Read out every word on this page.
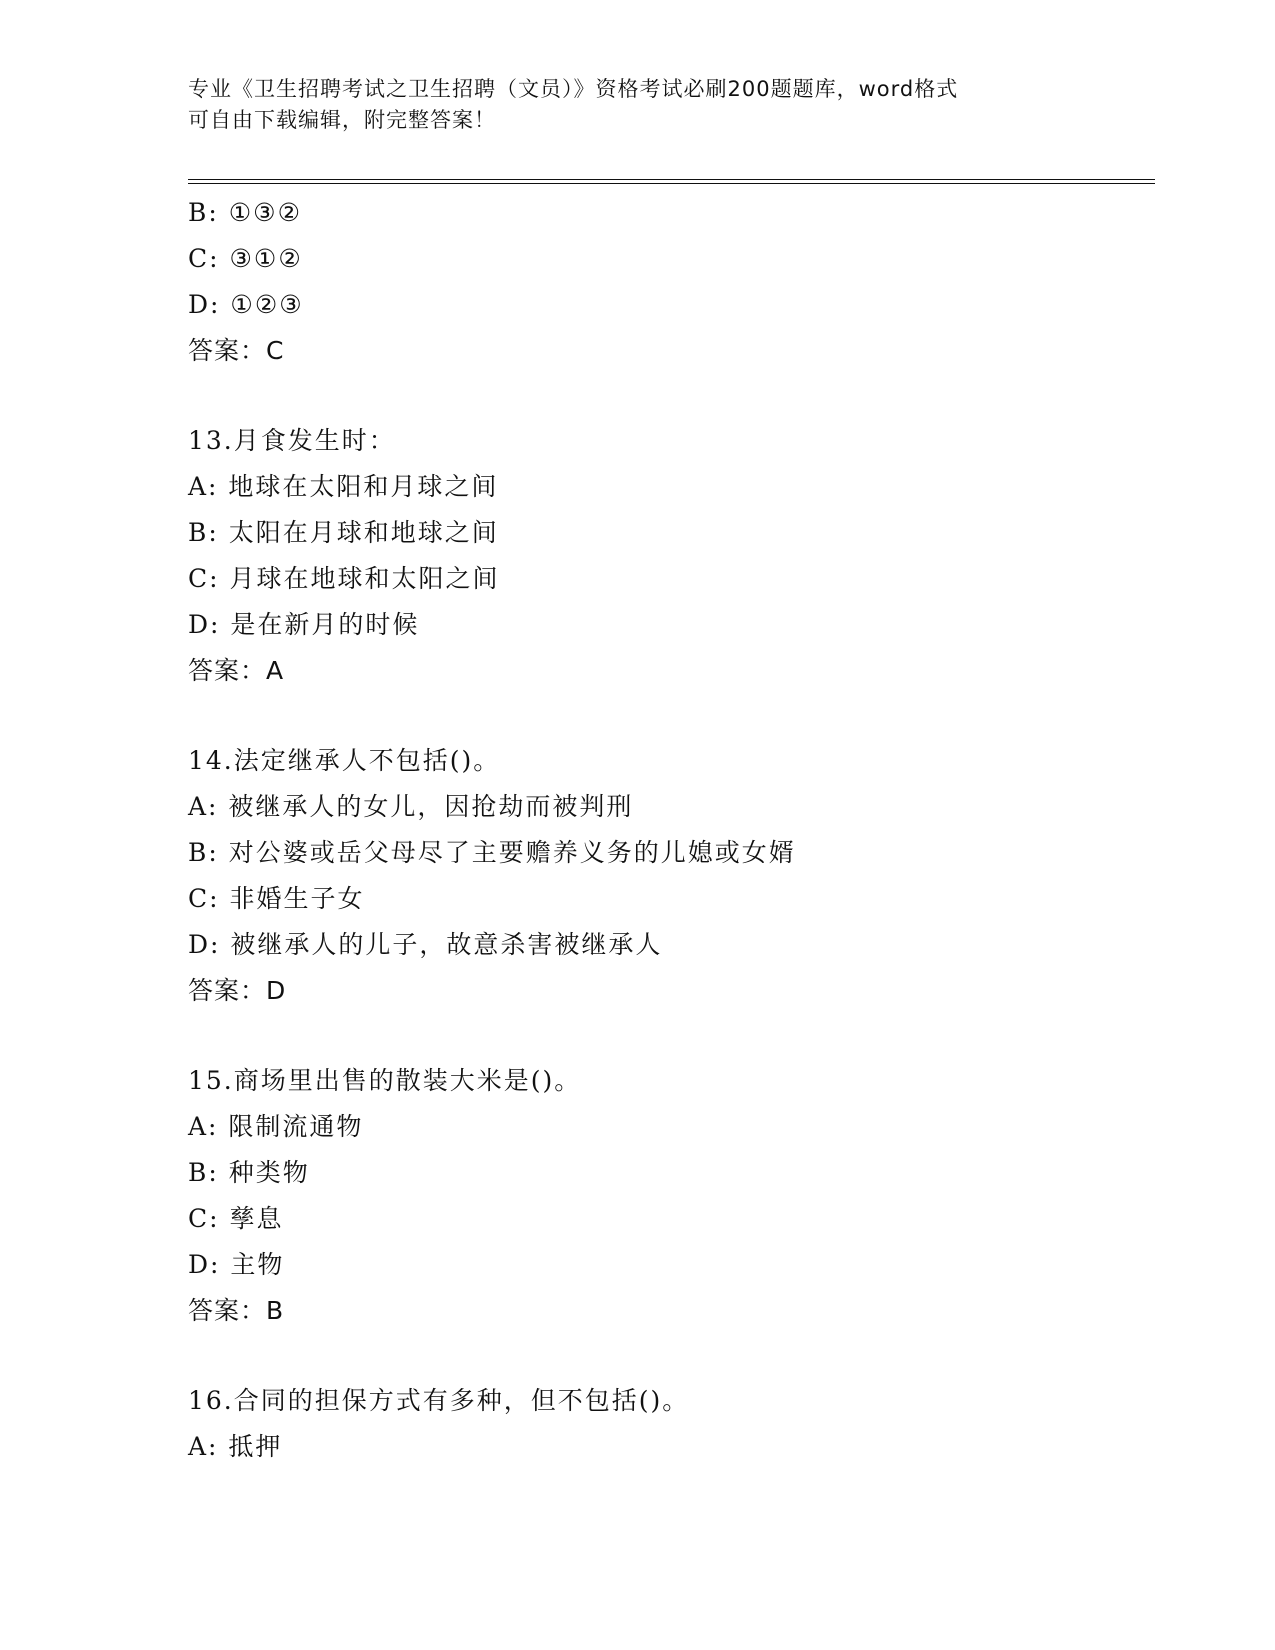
专业《卫生招聘考试之卫生招聘（文员）》资格考试必刷200题题库，word格式
可自由下载编辑，附完整答案！
B: ①③②
C: ③①②
D: ①②③
答案：C
13.月食发生时：
A: 地球在太阳和月球之间
B: 太阳在月球和地球之间
C: 月球在地球和太阳之间
D: 是在新月的时候
答案：A
14.法定继承人不包括()。
A: 被继承人的女儿，因抢劫而被判刑
B: 对公婆或岳父母尽了主要赡养义务的儿媳或女婿
C: 非婚生子女
D: 被继承人的儿子，故意杀害被继承人
答案：D
15.商场里出售的散装大米是()。
A: 限制流通物
B: 种类物
C: 孳息
D: 主物
答案：B
16.合同的担保方式有多种，但不包括()。
A: 抵押
